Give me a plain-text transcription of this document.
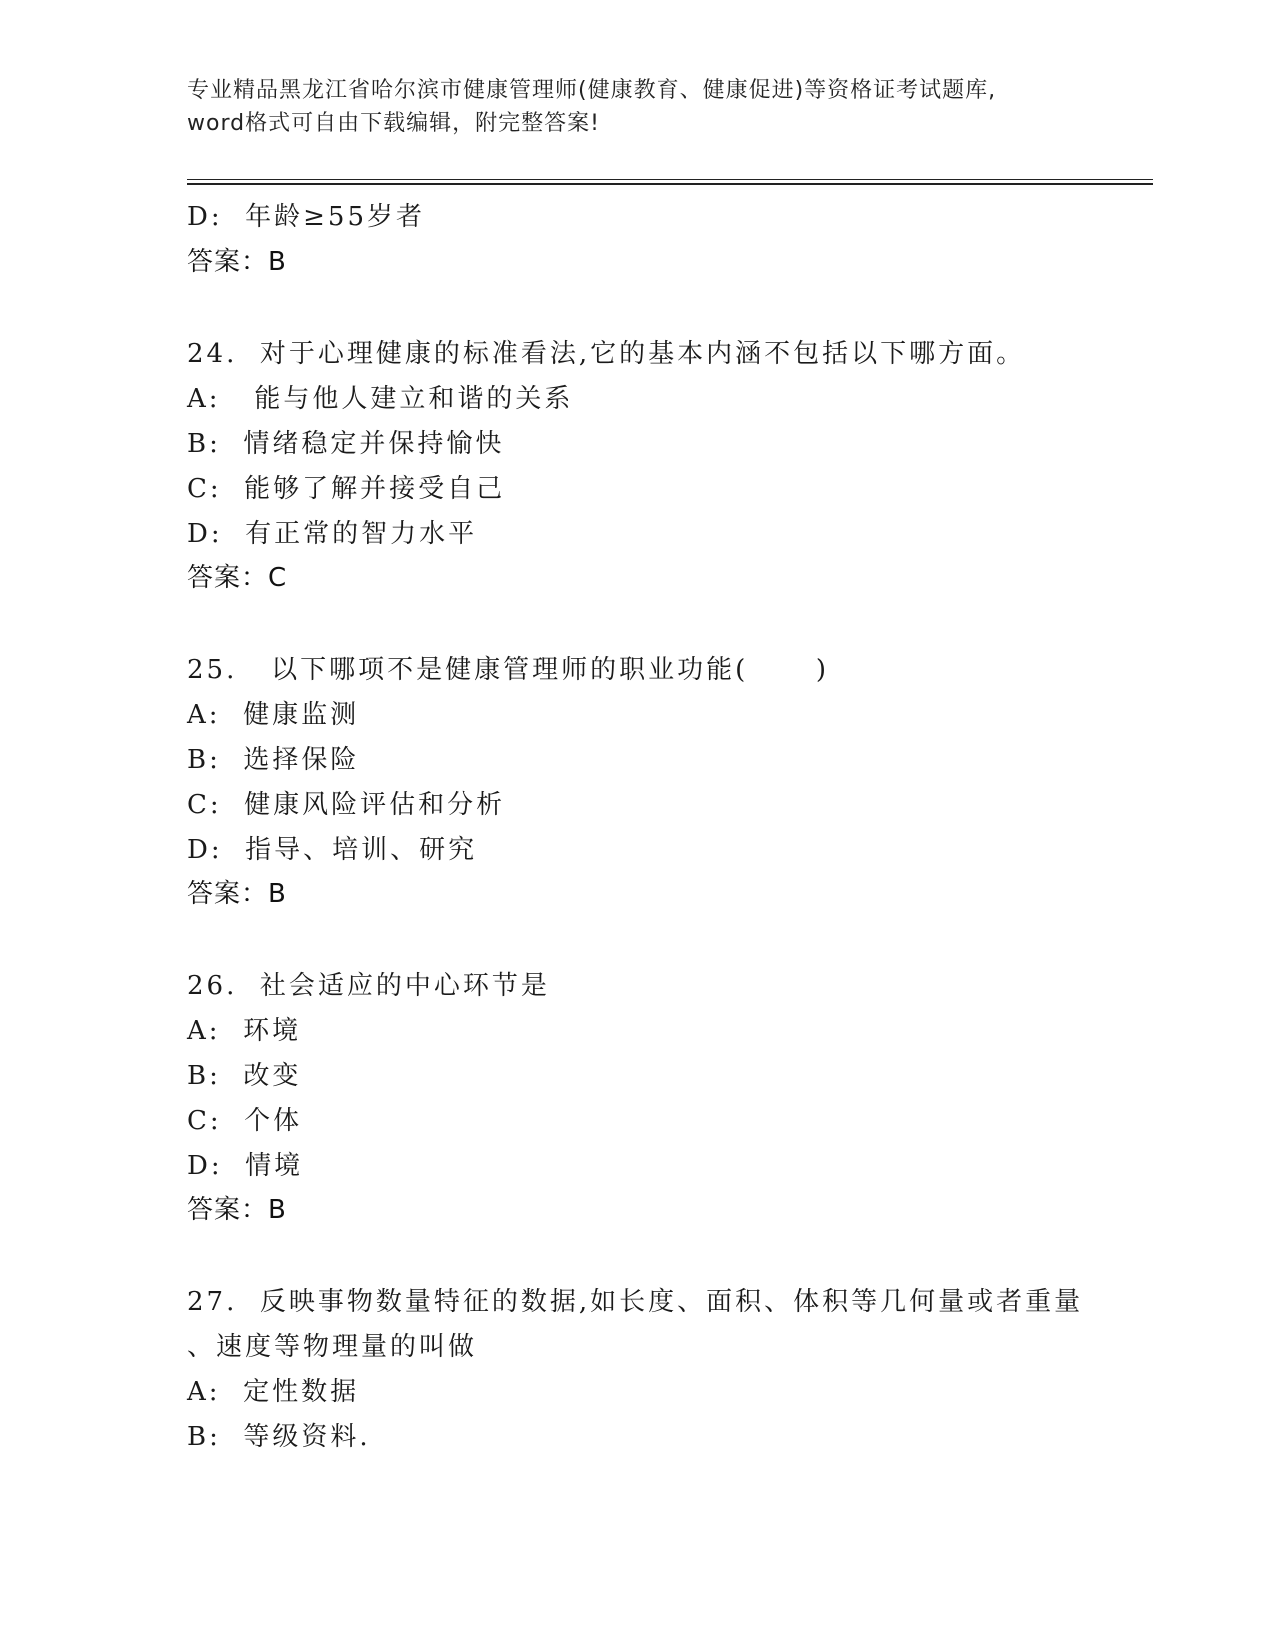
专业精品黑龙江省哈尔滨市健康管理师(健康教育、健康促进)等资格证考试题库,
word格式可自由下载编辑，附完整答案!
D:  年龄≥55岁者
答案：B
24.  对于心理健康的标准看法,它的基本内涵不包括以下哪方面。
A:   能与他人建立和谐的关系
B:  情绪稳定并保持愉快
C:  能够了解并接受自己
D:  有正常的智力水平
答案：C
25.   以下哪项不是健康管理师的职业功能(      )
A:  健康监测
B:  选择保险
C:  健康风险评估和分析
D:  指导、培训、研究
答案：B
26.  社会适应的中心环节是
A:  环境
B:  改变
C:  个体
D:  情境
答案：B
27.  反映事物数量特征的数据,如长度、面积、体积等几何量或者重量
、速度等物理量的叫做
A:  定性数据
B:  等级资料.
